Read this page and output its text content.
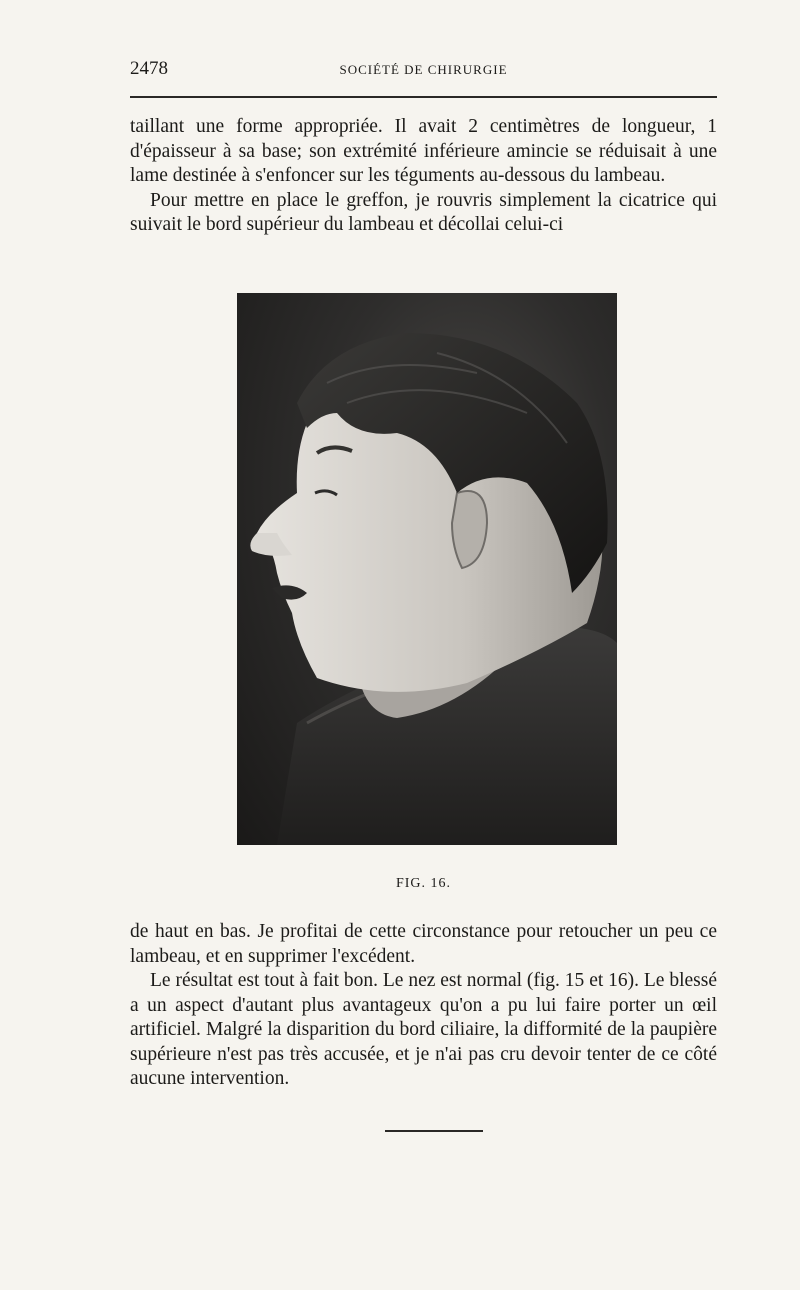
2478	SOCIÉTÉ DE CHIRURGIE

taillant une forme appropriée. Il avait 2 centimètres de longueur, 1 d'épaisseur à sa base; son extrémité inférieure amincie se réduisait à une lame destinée à s'enfoncer sur les téguments au-dessous du lambeau.

Pour mettre en place le greffon, je rouvris simplement la cicatrice qui suivait le bord supérieur du lambeau et décollai celui-ci

FIG. 16.

de haut en bas. Je profitai de cette circonstance pour retoucher un peu ce lambeau, et en supprimer l'excédent.

Le résultat est tout à fait bon. Le nez est normal (fig. 15 et 16). Le blessé a un aspect d'autant plus avantageux qu'on a pu lui faire porter un œil artificiel. Malgré la disparition du bord ciliaire, la difformité de la paupière supérieure n'est pas très accusée, et je n'ai pas cru devoir tenter de ce côté aucune intervention.
